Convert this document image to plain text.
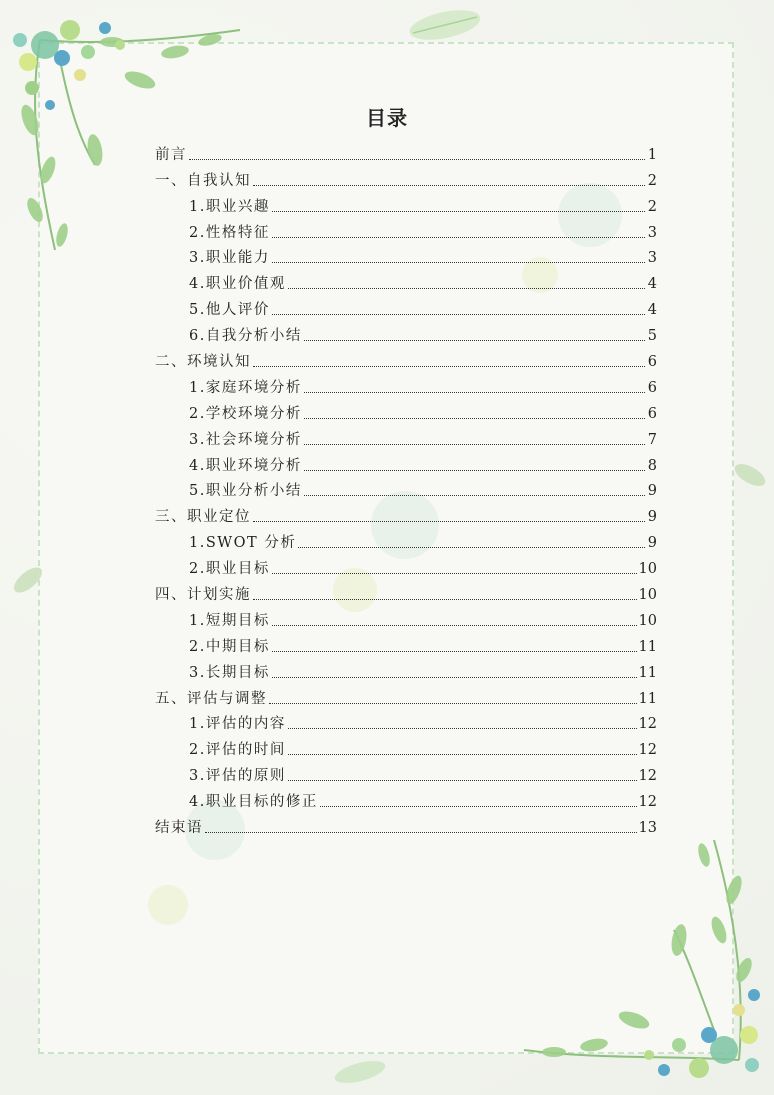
目录
前言	1
一、自我认知	2
1.职业兴趣	2
2.性格特征	3
3.职业能力	3
4.职业价值观	4
5.他人评价	4
6.自我分析小结	5
二、环境认知	6
1.家庭环境分析	6
2.学校环境分析	6
3.社会环境分析	7
4.职业环境分析	8
5.职业分析小结	9
三、职业定位	9
1.SWOT 分析	9
2.职业目标	10
四、计划实施	10
1.短期目标	10
2.中期目标	11
3.长期目标	11
五、评估与调整	11
1.评估的内容	12
2.评估的时间	12
3.评估的原则	12
4.职业目标的修正	12
结束语	13
